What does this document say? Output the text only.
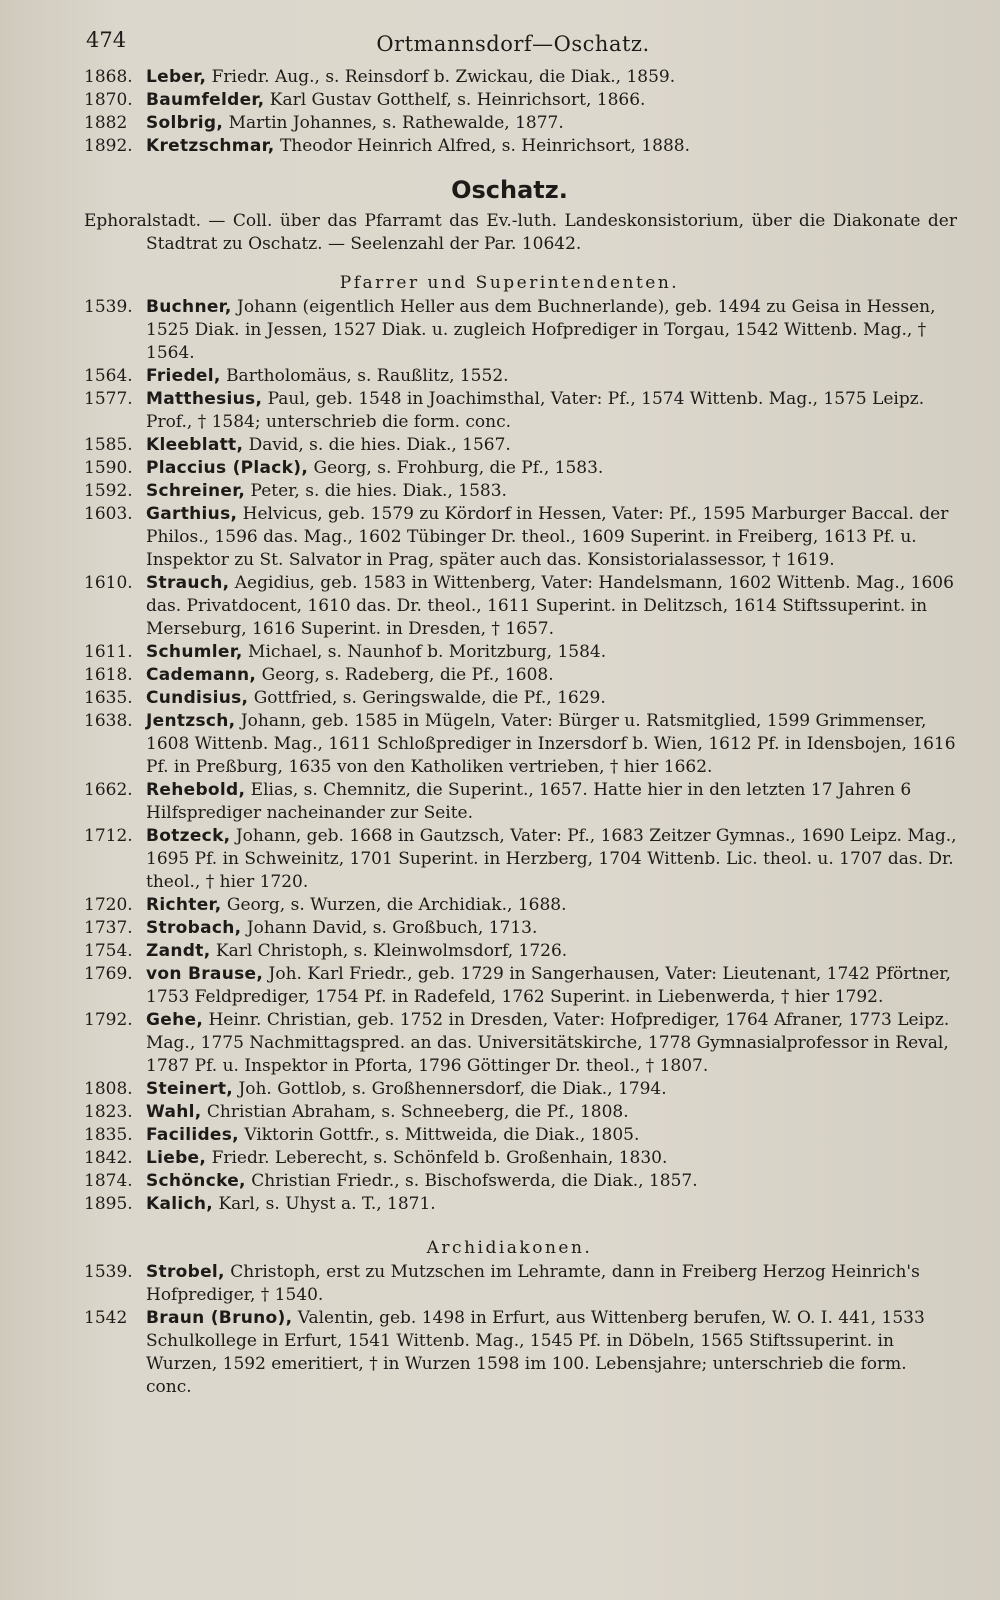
474	Ortmannsdorf—Oschatz.

1868. Leber, Friedr. Aug., s. Reinsdorf b. Zwickau, die Diak., 1859.

1870. Baumfelder, Karl Gustav Gotthelf, s. Heinrichsort, 1866.

1882	Solbrig, Martin Johannes, s. Rathewalde, 1877.

1892. Kretzschmar, Theodor Heinrich Alfred, s. Heinrichsort, 1888.

Oschatz.

Ephoralstadt. — Coll. über das Pfarramt das Ev.-luth. Landeskonsistorium, über die Diakonate der Stadtrat zu Oschatz. — Seelenzahl der Par. 10642.

Pfarrer und Superintendenten.

1539. Buchner, Johann (eigentlich Heller aus dem Buchnerlande), geb. 1494 zu Geisa in Hessen, 1525 Diak. in Jessen, 1527 Diak. u. zugleich Hofprediger in Torgau, 1542 Wittenb. Mag., † 1564.

1564. Friedel, Bartholomäus, s. Raußlitz, 1552.

1577. Matthesius, Paul, geb. 1548 in Joachimsthal, Vater: Pf., 1574 Wittenb. Mag., 1575 Leipz. Prof., † 1584; unterschrieb die form. conc.

1585. Kleeblatt, David, s. die hies. Diak., 1567.

1590. Placcius (Plack), Georg, s. Frohburg, die Pf., 1583.

1592. Schreiner, Peter, s. die hies. Diak., 1583.

1603. Garthius, Helvicus, geb. 1579 zu Kördorf in Hessen, Vater: Pf., 1595 Marburger Baccal. der Philos., 1596 das. Mag., 1602 Tübinger Dr. theol., 1609 Superint. in Freiberg, 1613 Pf. u. Inspektor zu St. Salvator in Prag, später auch das. Konsistorialassessor, † 1619.

1610. Strauch, Aegidius, geb. 1583 in Wittenberg, Vater: Handelsmann, 1602 Wittenb. Mag., 1606 das. Privatdocent, 1610 das. Dr. theol., 1611 Superint. in Delitzsch, 1614 Stiftssuperint. in Merseburg, 1616 Superint. in Dresden, † 1657.

1611. Schumler, Michael, s. Naunhof b. Moritzburg, 1584.

1618. Cademann, Georg, s. Radeberg, die Pf., 1608.

1635. Cundisius, Gottfried, s. Geringswalde, die Pf., 1629.

1638. Jentzsch, Johann, geb. 1585 in Mügeln, Vater: Bürger u. Ratsmitglied, 1599 Grimmenser, 1608 Wittenb. Mag., 1611 Schloßprediger in Inzersdorf b. Wien, 1612 Pf. in Idensbojen, 1616 Pf. in Preßburg, 1635 von den Katholiken vertrieben, † hier 1662.

1662. Rehebold, Elias, s. Chemnitz, die Superint., 1657. Hatte hier in den letzten 17 Jahren 6 Hilfsprediger nacheinander zur Seite.

1712. Botzeck, Johann, geb. 1668 in Gautzsch, Vater: Pf., 1683 Zeitzer Gymnas., 1690 Leipz. Mag., 1695 Pf. in Schweinitz, 1701 Superint. in Herzberg, 1704 Wittenb. Lic. theol. u. 1707 das. Dr. theol., † hier 1720.

1720. Richter, Georg, s. Wurzen, die Archidiak., 1688.

1737. Strobach, Johann David, s. Großbuch, 1713.

1754. Zandt, Karl Christoph, s. Kleinwolmsdorf, 1726.

1769. von Brause, Joh. Karl Friedr., geb. 1729 in Sangerhausen, Vater: Lieutenant, 1742 Pförtner, 1753 Feldprediger, 1754 Pf. in Radefeld, 1762 Superint. in Liebenwerda, † hier 1792.

1792. Gehe, Heinr. Christian, geb. 1752 in Dresden, Vater: Hofprediger, 1764 Afraner, 1773 Leipz. Mag., 1775 Nachmittagspred. an das. Universitätskirche, 1778 Gymnasialprofessor in Reval, 1787 Pf. u. Inspektor in Pforta, 1796 Göttinger Dr. theol., † 1807.

1808. Steinert, Joh. Gottlob, s. Großhennersdorf, die Diak., 1794.

1823. Wahl, Christian Abraham, s. Schneeberg, die Pf., 1808.

1835. Facilides, Viktorin Gottfr., s. Mittweida, die Diak., 1805.

1842. Liebe, Friedr. Leberecht, s. Schönfeld b. Großenhain, 1830.

1874. Schöncke, Christian Friedr., s. Bischofswerda, die Diak., 1857.

1895. Kalich, Karl, s. Uhyst a. T., 1871.

Archidiakonen.

1539. Strobel, Christoph, erst zu Mutzschen im Lehramte, dann in Freiberg Herzog Heinrich's Hofprediger, † 1540.

1542	Braun (Bruno), Valentin, geb. 1498 in Erfurt, aus Wittenberg berufen, W. O. I. 441, 1533 Schulkollege in Erfurt, 1541 Wittenb. Mag., 1545 Pf. in Döbeln, 1565 Stiftssuperint. in Wurzen, 1592 emeritiert, † in Wurzen 1598 im 100. Lebensjahre; unterschrieb die form. conc.
